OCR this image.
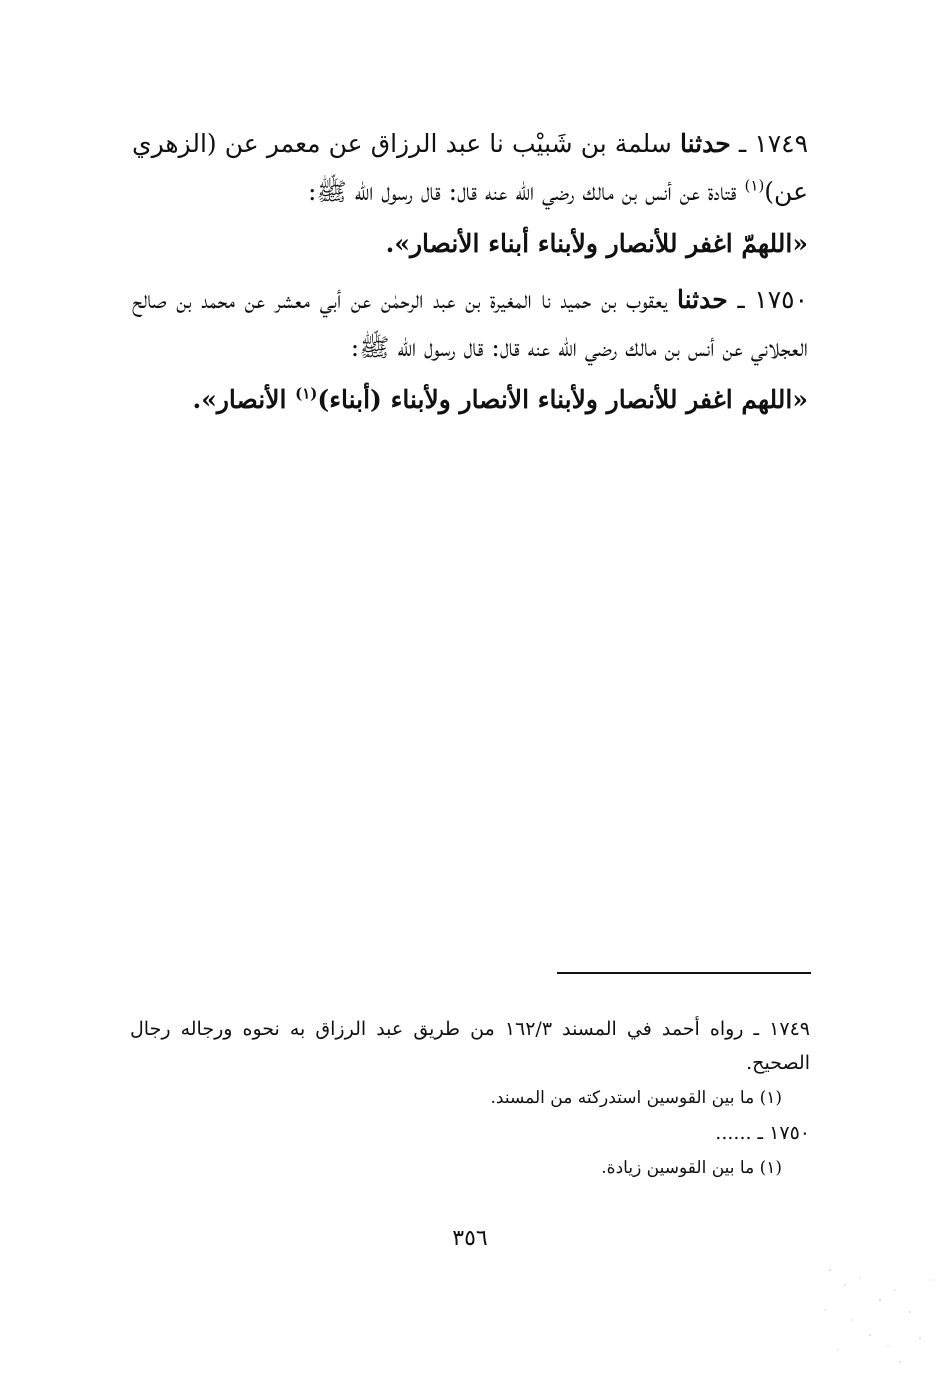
١٧٤٩ ـ حدثنا سلمة بن شَبيْب نا عبد الرزاق عن معمر عن (الزهري عن)$^{(١)}$ قتادة عن أنس بن مالك رضي الله عنه قال: قال رسول الله ﷺ:

«اللهمّ اغفر للأنصار ولأبناء أبناء الأنصار».

١٧٥٠ ـ حدثنا يعقوب بن حميد نا المغيرة بن عبد الرحمٰن عن أبي معشر عن محمد بن صالح العجلاني عن أنس بن مالك رضي الله عنه قال: قال رسول الله ﷺ:

«اللهم اغفر للأنصار ولأبناء الأنصار ولأبناء (أبناء)$^{(١)}$ الأنصار».

١٧٤٩ ـ رواه أحمد في المسند ١٦٢/٣ من طريق عبد الرزاق به نحوه ورجاله رجال الصحيح.

(١) ما بين القوسين استدركته من المسند.

١٧٥٠ ـ ......

(١) ما بين القوسين زيادة.

٣٥٦
